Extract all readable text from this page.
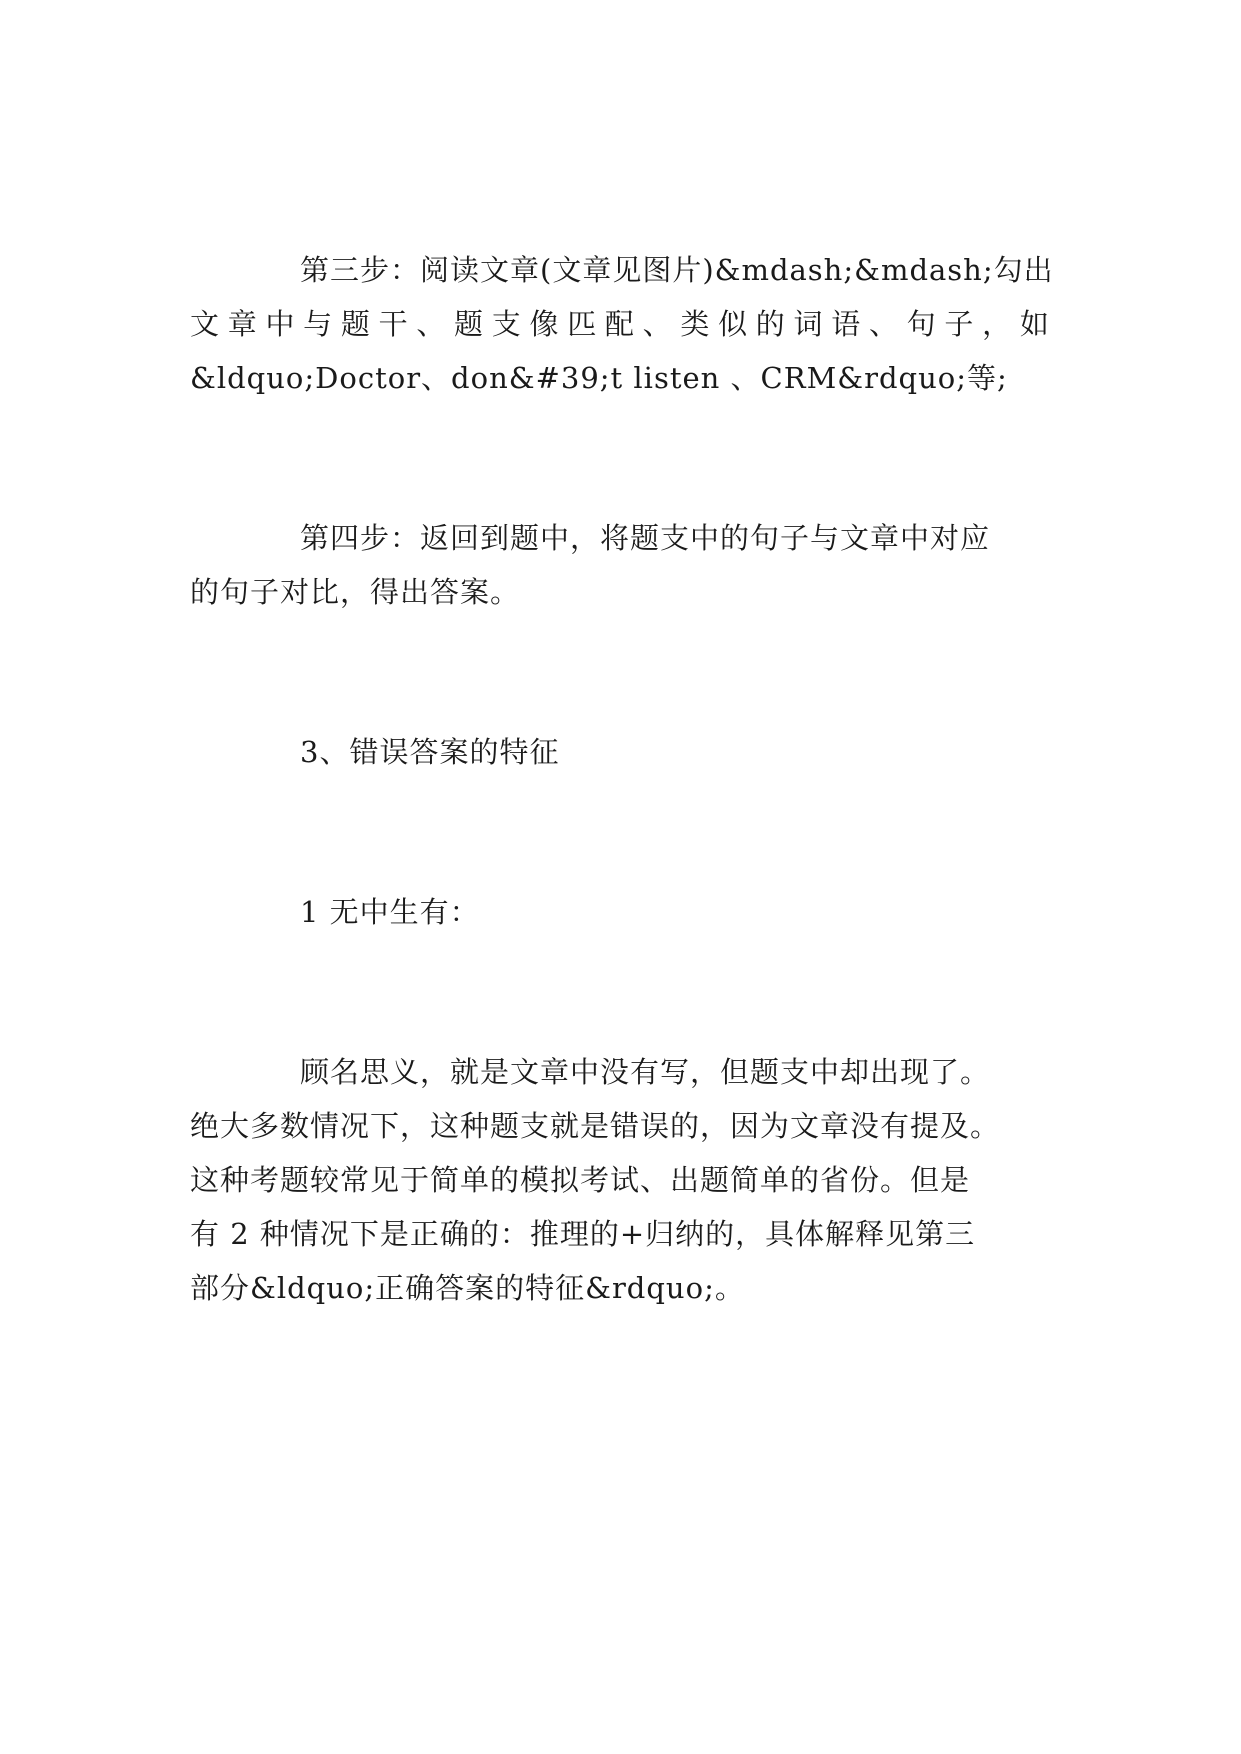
第三步：阅读文章(文章见图片)&mdash;&mdash;勾出
文 章 中 与 题 干 、 题 支 像 匹 配 、 类 似 的 词 语 、 句 子 ， 如
&ldquo;Doctor、don&#39;t listen 、CRM&rdquo;等;
第四步：返回到题中，将题支中的句子与文章中对应
的句子对比，得出答案。
3、错误答案的特征
1 无中生有：
顾名思义，就是文章中没有写，但题支中却出现了。
绝大多数情况下，这种题支就是错误的，因为文章没有提及。
这种考题较常见于简单的模拟考试、出题简单的省份。但是
有 2 种情况下是正确的：推理的+归纳的，具体解释见第三
部分&ldquo;正确答案的特征&rdquo;。
